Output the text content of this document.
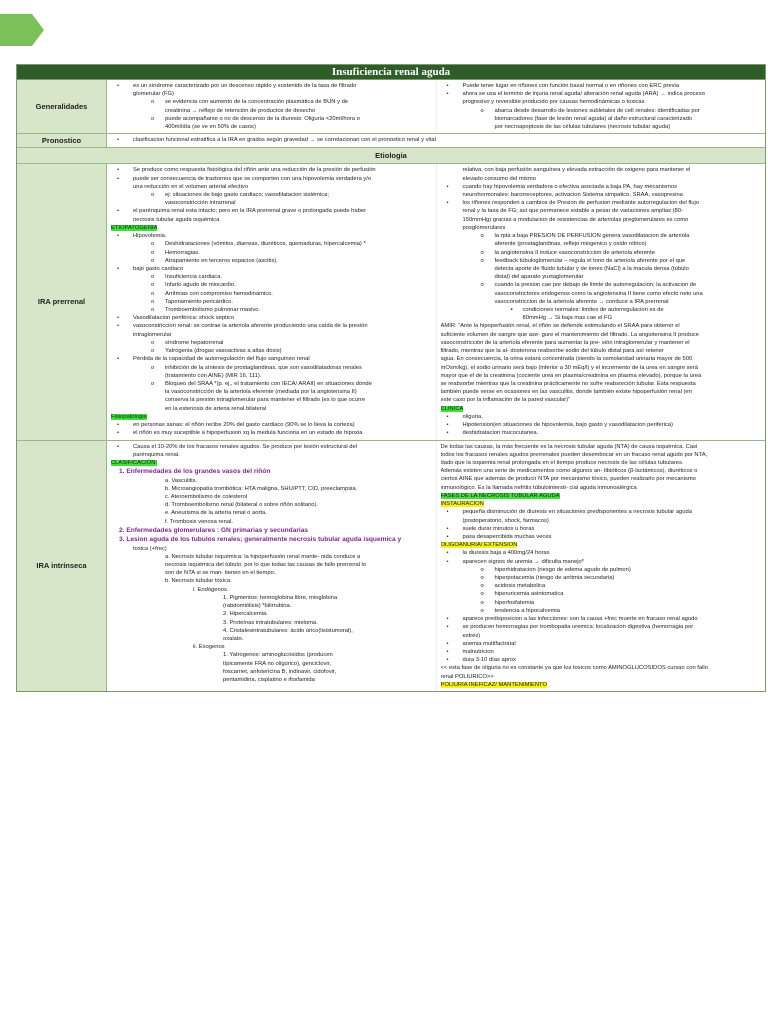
Insuficiencia renal aguda
Generalidades
• es un síndrome caracterizado por un descenso rápido y sostenido de la tasa de filtrado
glomerular (FG)
o se evidencia con aumento de la concentración plasmática de BUN y de
creatinina → reflejo de retención de productos de desecho
o puede acompañarse o no de descenso de la diuresis: Oliguria <20ml/hora o
400ml/día (se ve en 50% de casos)
• Puede tener lugar en riñones con función basal normal o en riñones con ERC previa
• ahora se usa el termino de injuria renal aguda/ alteración renal aguda (ARA) → indica proceso
progresivo y reversible producido por causas hemodinámicas o toxicas
o abarca desde desarrollo de lesiones subletales de cell renales: identificadas por
biomarcadores (fase de lesión renal aguda) al daño estructural caracterizado
por necroapoptosis de las células tubulares (necrosis tubular aguda)
Pronostico
•	clasificacion funcional estratifica a la IRA en grados según gravedad → se correlacionan con el pronostico renal y vital
Etiologia
IRA prerrenal
• Se produce como respuesta fisiológica del riñón ante una reducción de la presión de perfusión
• puede ser consecuencia de trastornos que se comporten con una hipovolemia verdadera y/o
una reducción en el volumen arterial efectivo
o ej: situaciones de bajo gasto cardiaco; vasodilatacion sistémica;
vasoconstricción intrarrenal
• el parénquima renal esta intacto; pero en la IRA prerrenal grave o prolongada puede haber
necrosis tubular aguda isquémica
ETIOPATOGENIA
• Hipovolemia.
o Deshidrataciones (vómitos, diarreas, diuréticos, quemaduras, hipercalcemia) *
o Hemorragias.
o Atrapamiento en terceros espacios (ascitis).
• bajo gasto cardiaco
o Insuficiencia cardiaca.
o Infarto agudo de miocardio.
o Arritmias con compromiso hemodinámico.
o Taponamiento pericárdico.
o Tromboembolismo pulmonar masivo.
• Vasodilatacion periférica: shock septico
• vasoconstriccion renal: se contrae la arteriola aferente produciendo una caída de la presión
intraglomerular
o síndrome hepatorrenal
o Yatrogenia (drogas vasoactivas a altas dosis)
• Pérdida de la capacidad de autorregulación del flujo sanguíneo renal
o inhibición de la síntesis de prostaglandinas, que son vasodilatadoras renales
(tratamiento con AINE) (MIR 16, 111).
o Bloqueo del SRAA *(p. ej., el tratamiento con IECA/ ARAII) en situaciones donde
la vasoconstricción de la arteriola eferente (mediada por la angiotensina II)
conserva la presión intraglomerular para mantener el filtrado (es lo que ocurre
en la estenosis de arteria renal bilateral
Fisiopatologia
• en personas sanas: el riñón recibe 20% del gasto cardiaco (90% se lo lleva la corteza)
• el riñón es muy suceptible a hipoperfusion xq la medula funciona en un estado de hipoxia
relativa, con baja perfusión sanguínea y elevada extracción de oxigeno para mantener el
elevado consumo del mismo
• cuando hay hipovolemia verdadera o efectiva asociada a baja PA, hay mecanismos
neurohormonales: barorreceptores, activacion Sistema simpatico, SRAA, vasopresina
• los riñones responden a cambios de Presion de perfusion mediante autorregulacion del flujo
renal y la tasa de FG; así que permanece estable a pesar de variaciones amplias (80-
150mmHg) gracias a modulacion de resistencias de arteriolas preglomerulares es como
posglomerulares
o la rpta a baja PRESION DE PERFUSION genera vasodilatacion de arteriola
aferente (prostaglandinas, reflejo miogenico y oxido nítrico)
o la angiotensina II induce vasoconstriccion de arteriola eferente
o feedback túbuloglomerular – regula el tono de arteriola aferente por el que
detecta aporte de fluido tubular y de iones (NaCl) a la macula densa (túbulo
distal) del aparato yuxtaglomerular
o cuando la presion cae por debajo de limite de autorregulacion; la activacion de
vasoconstrictores endogenos como la angiotensina II tiene como efecto neto una
vasoconstriccion de la arteriola aferente → conduce a IRA prerrenal
▪ condiciones normales: limites de autorregulacion es de
80mmHg → Si baja mas cae el FG
AMIR: “Ante la hipoperfusión renal, el riñón se defiende estimulando el SRAA para obtener el
suficiente volumen de sangre que ase- gure el mantenimiento del filtrado. La angiotensina II produce
vasoconstricción de la arteriola eferente para aumentar la pre- sión intraglomerular y mantener el
filtrado, mientras que la al- dosterona reabsorbe sodio del túbulo distal para así retener
agua. En consecuencia, la orina estará concentrada (siendo la osmolaridad urinaria mayor de 500
mOsm/kg), el sodio urinario será bajo (inferior a 30 mEq/l) y el incremento de la urea en sangre será
mayor que el de la creatinina (cociente urea en plasma/creatinina en plasma elevado), porque la urea
se reabsorbe mientras que la creatinina prácticamente no sufre reabsorción tubular. Esta respuesta
también puede verse en ocasiones en las vasculitis, donde también existe hipoperfusión renal (en
este caso por la inflamación de la pared vascular)”
CLINICA
• oliguria,
• Hipotension(en situaciones de hipovolemia, bajo gasto y vasodilatacion periferica)
• deshidratacion mucocutanea.
IRA intrínseca
• Causa el 10-20% de los fracasos renales agudos. Se produce por lesión estructural del
parénquima renal.
CLASIFICACIÓN:
1. Enfermedades de los grandes vasos del riñón
a. Vasculitis.
b. Microangiopatía trombótica: HTA maligna, SHU/PTT, CID, preeclampsia.
c. Ateroembolismo de colesterol
d. Tromboembolismo renal (bilateral o sobre riñón solitario).
e. Aneurisma de la arteria renal o aorta.
f. Trombosis venosa renal.
2. Enfermedades glomerulares : GN primarias y secundarias
3. Lesion aguda de los tubulos renales; generalmente necrosis tubular aguda isquemica y
toxica (+frec)
a. Necrosis tubular isquémica: la hipoperfusión renal mante- nida conduce a
necrosis isquémica del túbulo, por lo que todas las causas de fallo prerrenal lo
son de NTA si se man- tienen en el tiempo.
b. Necrosis tubular tóxica.
i. Endógenos.
1. Pigmentos: hemoglobina libre, mioglobina
(rabdomiólisis) *bilirrubina.
2. Hipercalcemia.
3. Proteínas intratubulares: mieloma.
4. Cristalesintratubulares: ácido úrico(lisistumoral),
oxalato.
ii. Exogenos
1. Yatrogenos: aminoglucósidos (producen
típicamente FRA no oligúrico), genciclovir,
foscarnet, anfotericina B, indinavir, cidofovir,
pentamidina, cisplatino e ifosfamida
De todas las causas, la más frecuente es la necrosis tubular aguda (NTA) de causa isquémica. Casi
todos los fracasos renales agudos prerrenales pueden desembocar en un fracaso renal agudo por NTA,
dado que la isquemia renal prolongada en el tiempo produce necrosis de las células tubulares.
Además existen una serie de medicamentos como algunos an- tibióticos (β-lactámicos), diuréticos o
ciertos AINE que además de producir NTA por mecanismo tóxico, pueden realizarlo por mecanismo
inmunológico. Es la llamada nefritis túbulointersti- cial aguda inmunoalérgica
FASES DE LA NECROSIS TUBULAR AGUDA
INSTAURACION
• pequeña disminución de diuresis en situaciones predisponentes a necrosis tubular aguda
(postoperatorio, shock, farmacos)
• suele durar minutos u horas
• pasa desapercibida muchas veces
OLIGOANURIA/ EXTENSION
• la diuresis baja a 400mg/24 horas
• aparecen signos de uremia → dificulta manejo*
o hiperhidratacion (riesgo de edema agudo de pulmon)
o hiperpotacemia (riesgo de arritmia secundaria)
o acidosis metabolica
o hiperuricemia asintomatica
o hiperfosfatemia
o tendencia a hipocalcemia
• aparece predisposicion a las infecciones: son la causa +frec muerte en fracaso renal agudo
• se producen hemorragias por trombopatia uremica: localizacion digestiva (hemorragia por
estrés)
• anemia multifactorial
• malnutricion
• dura 3-10 días aprox
<< esta fase de oliguria no es constante ya que los toxicos como AMINOGLUCOSIDOS cursan con fallo
renal POLIURICO>>
POLIURIA INEFICAZ/ MANTENIMIENTO
